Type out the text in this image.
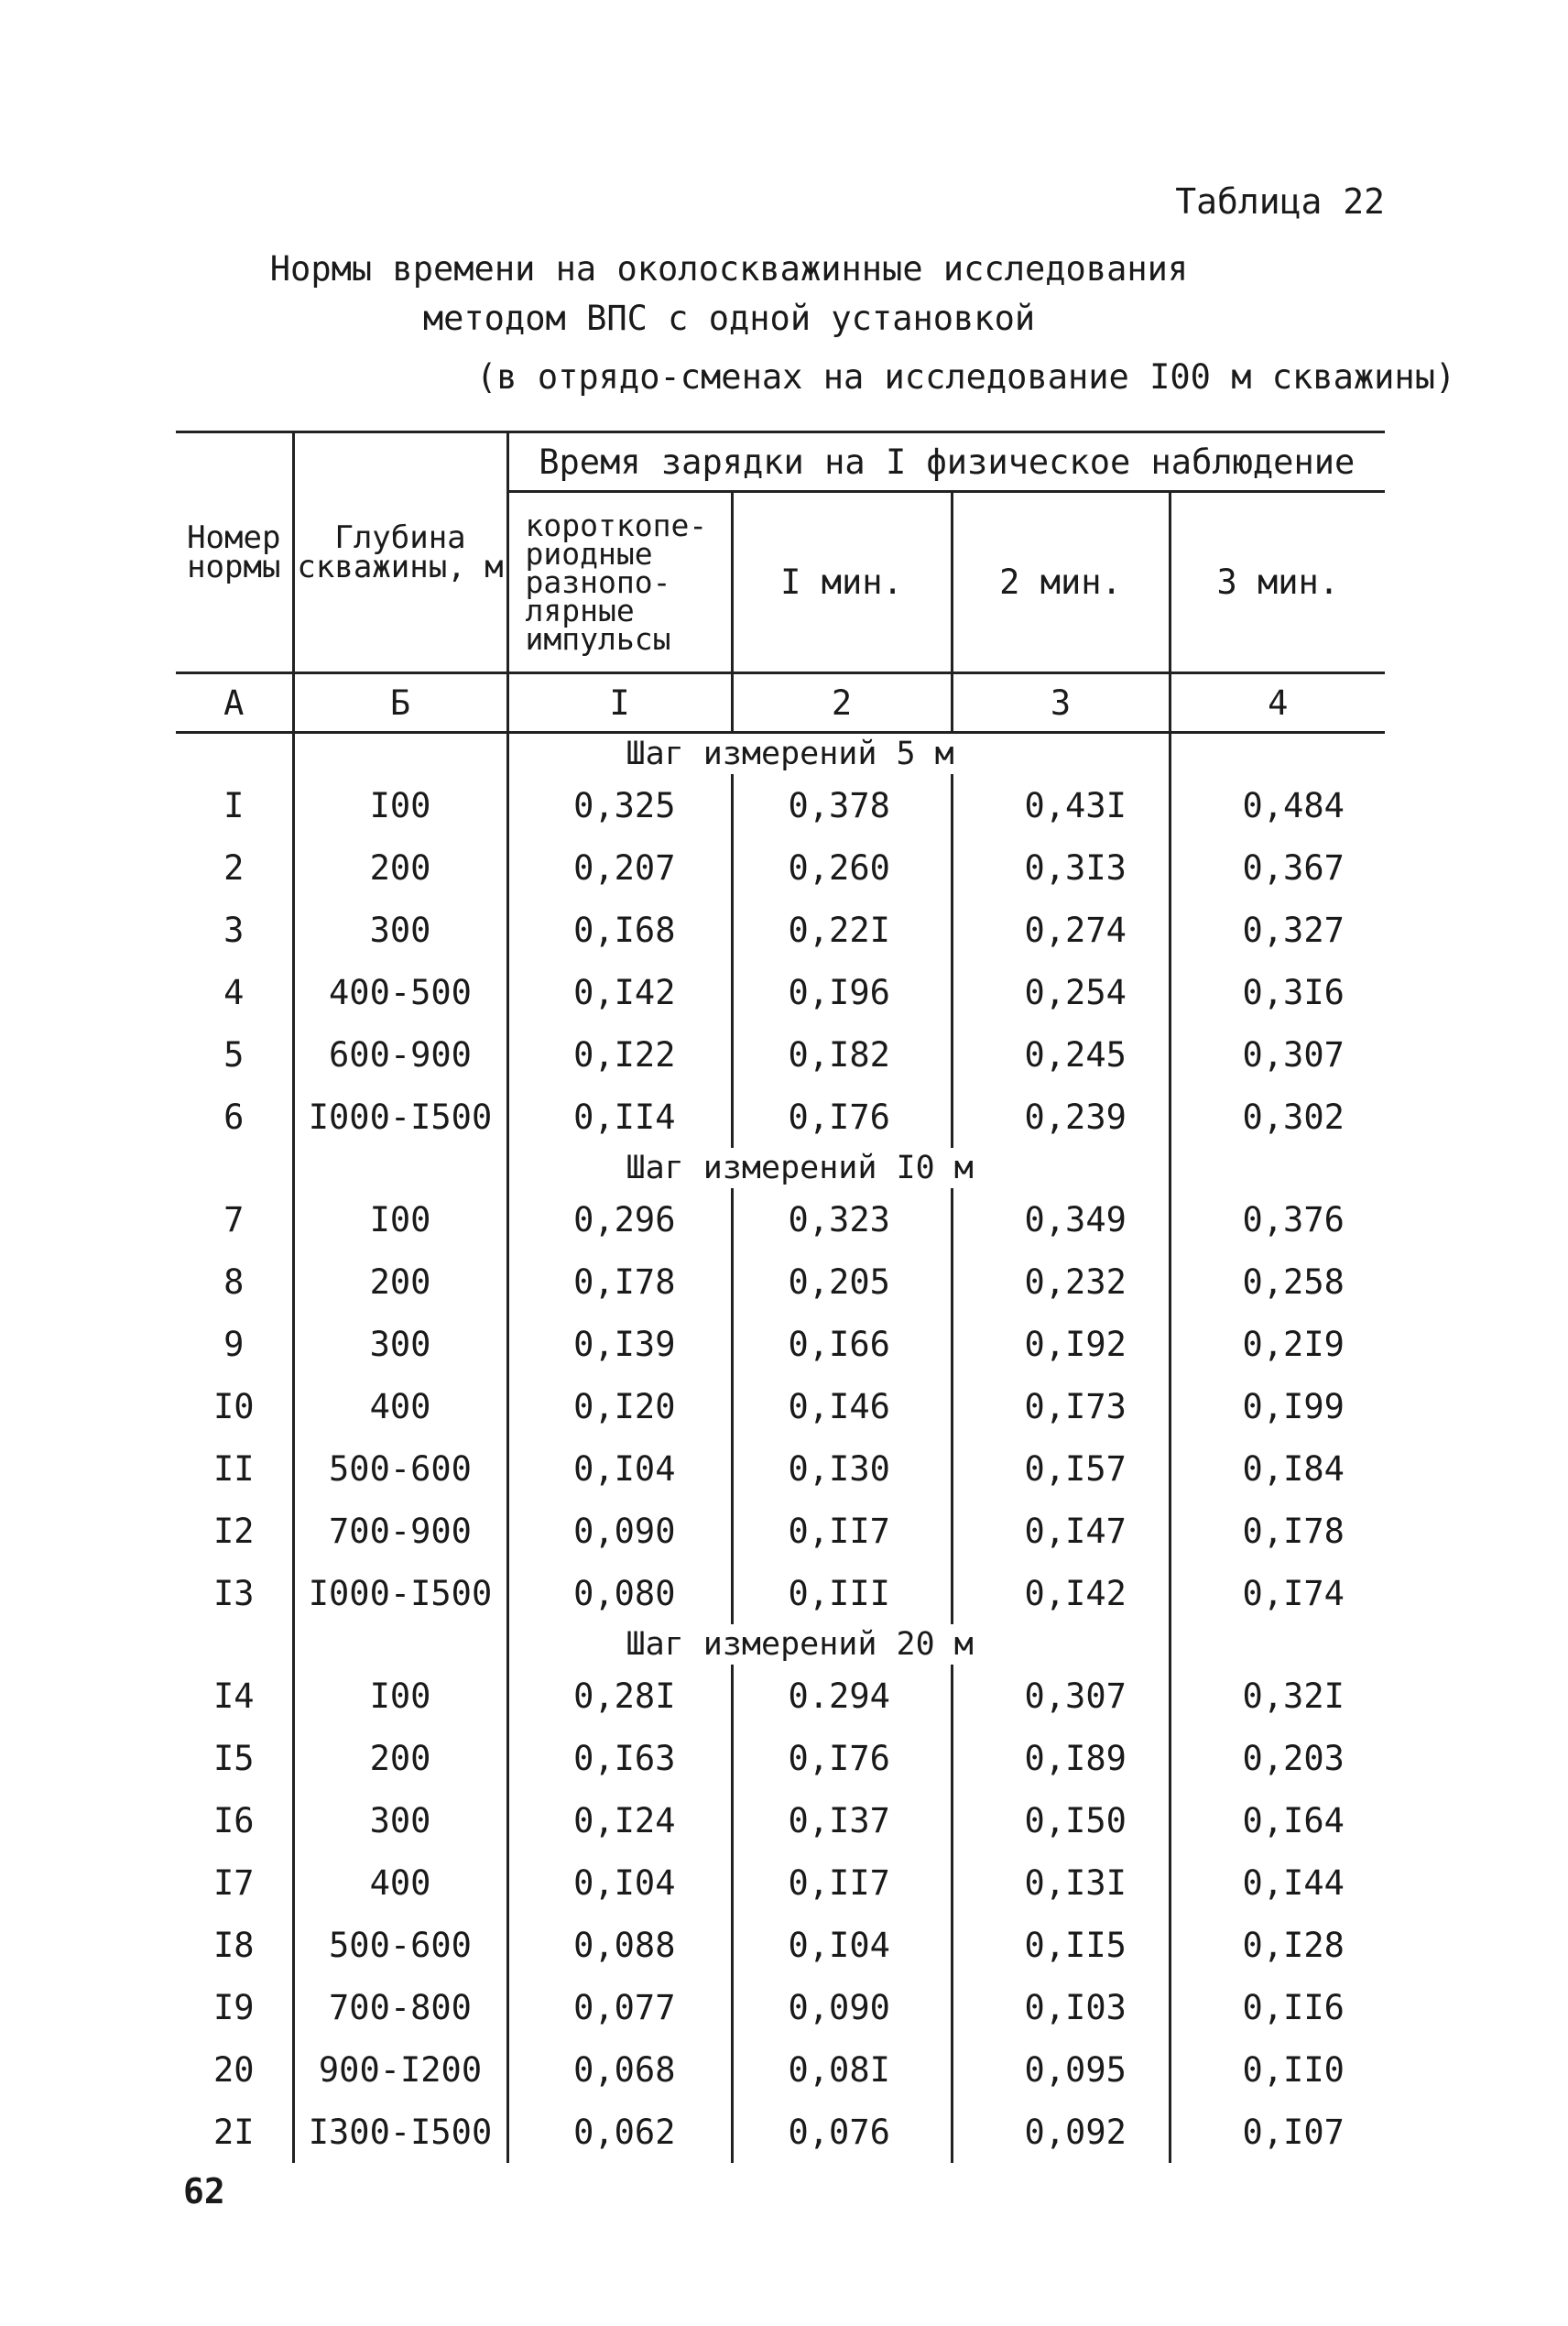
Таблица 22
Нормы времени на околоскважинные исследования
методом ВПС с одной установкой
(в отрядо-сменах на исследование I00 м скважины)
Номер нормы	Глубина скважины, м	Время зарядки на I физическое наблюдение			
		короткопе-риодные разнопо-лярные импульсы	I мин.	2 мин.	3 мин.
А	Б	I	2	3	4
		Шаг измерений 5 м			
I	I00	0,325	0,378	0,43I	0,484
2	200	0,207	0,260	0,3I3	0,367
3	300	0,I68	0,22I	0,274	0,327
4	400-500	0,I42	0,I96	0,254	0,3I6
5	600-900	0,I22	0,I82	0,245	0,307
6	I000-I500	0,II4	0,I76	0,239	0,302
		Шаг измерений I0 м			
7	I00	0,296	0,323	0,349	0,376
8	200	0,I78	0,205	0,232	0,258
9	300	0,I39	0,I66	0,I92	0,2I9
I0	400	0,I20	0,I46	0,I73	0,I99
II	500-600	0,I04	0,I30	0,I57	0,I84
I2	700-900	0,090	0,II7	0,I47	0,I78
I3	I000-I500	0,080	0,III	0,I42	0,I74
		Шаг измерений 20 м			
I4	I00	0,28I	0.294	0,307	0,32I
I5	200	0,I63	0,I76	0,I89	0,203
I6	300	0,I24	0,I37	0,I50	0,I64
I7	400	0,I04	0,II7	0,I3I	0,I44
I8	500-600	0,088	0,I04	0,II5	0,I28
I9	700-800	0,077	0,090	0,I03	0,II6
20	900-I200	0,068	0,08I	0,095	0,II0
2I	I300-I500	0,062	0,076	0,092	0,I07
62
